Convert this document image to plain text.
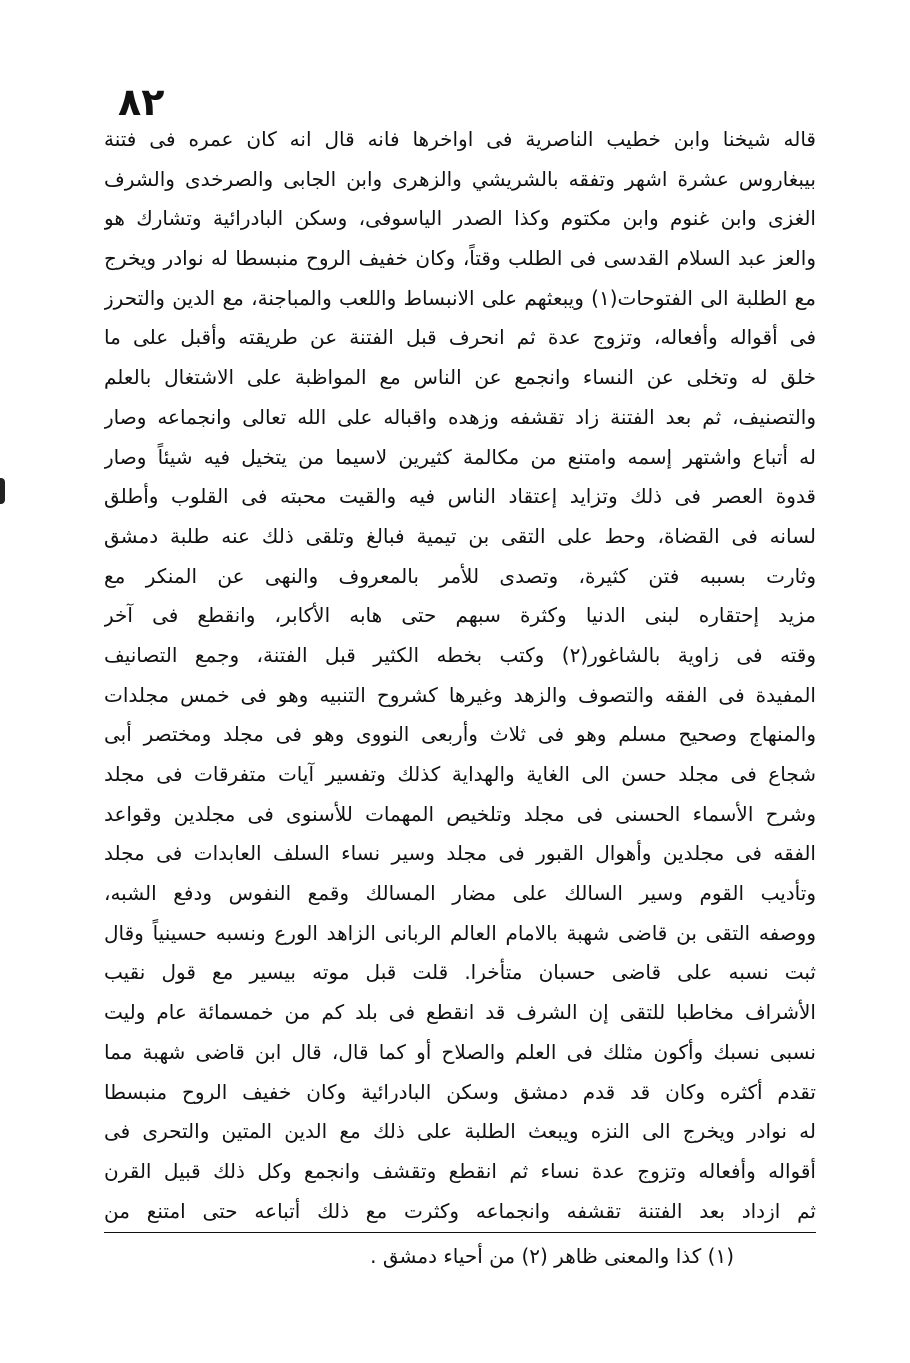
٨٢
قاله شيخنا وابن خطيب الناصرية فى اواخرها فانه قال انه كان عمره فى فتنة
بيبغاروس عشرة اشهر وتفقه بالشريشي والزهرى وابن الجابى والصرخدى والشرف
الغزى وابن غنوم وابن مكتوم وكذا الصدر الياسوفى، وسكن البادرائية وتشارك هو
والعز عبد السلام القدسى فى الطلب وقتاً، وكان خفيف الروح منبسطا له نوادر ويخرج
مع الطلبة الى الفتوحات(١) ويبعثهم على الانبساط واللعب والمباجنة، مع الدين والتحرز
فى أقواله وأفعاله، وتزوج عدة ثم انحرف قبل الفتنة عن طريقته وأقبل على ما
خلق له وتخلى عن النساء وانجمع عن الناس مع المواظبة على الاشتغال بالعلم
والتصنيف، ثم بعد الفتنة زاد تقشفه وزهده واقباله على الله تعالى وانجماعه وصار
له أتباع واشتهر إسمه وامتنع من مكالمة كثيرين لاسيما من يتخيل فيه شيئاً وصار
قدوة العصر فى ذلك وتزايد إعتقاد الناس فيه والقيت محبته فى القلوب وأطلق
لسانه فى القضاة، وحط على التقى بن تيمية فبالغ وتلقى ذلك عنه طلبة دمشق
وثارت بسببه فتن كثيرة، وتصدى للأمر بالمعروف والنهى عن المنكر مع
مزيد إحتقاره لبنى الدنيا وكثرة سبهم حتى هابه الأكابر، وانقطع فى آخر
وقته فى زاوية بالشاغور(٢) وكتب بخطه الكثير قبل الفتنة، وجمع التصانيف
المفيدة فى الفقه والتصوف والزهد وغيرها كشروح التنبيه وهو فى خمس مجلدات
والمنهاج وصحيح مسلم وهو فى ثلاث وأربعى النووى وهو فى مجلد ومختصر أبى
شجاع فى مجلد حسن الى الغاية والهداية كذلك وتفسير آيات متفرقات فى مجلد
وشرح الأسماء الحسنى فى مجلد وتلخيص المهمات للأسنوى فى مجلدين وقواعد
الفقه فى مجلدين وأهوال القبور فى مجلد وسير نساء السلف العابدات فى مجلد
وتأديب القوم وسير السالك على مضار المسالك وقمع النفوس ودفع الشبه،
ووصفه التقى بن قاضى شهبة بالامام العالم الربانى الزاهد الورع ونسبه حسينياً وقال
ثبت نسبه على قاضى حسبان متأخرا. قلت قبل موته بيسير مع قول نقيب
الأشراف مخاطبا للتقى إن الشرف قد انقطع فى بلد كم من خمسمائة عام وليت
نسبى نسبك وأكون مثلك فى العلم والصلاح أو كما قال، قال ابن قاضى شهبة مما
تقدم أكثره وكان قد قدم دمشق وسكن البادرائية وكان خفيف الروح منبسطا
له نوادر ويخرج الى النزه ويبعث الطلبة على ذلك مع الدين المتين والتحرى فى
أقواله وأفعاله وتزوج عدة نساء ثم انقطع وتقشف وانجمع وكل ذلك قبيل القرن
ثم ازداد بعد الفتنة تقشفه وانجماعه وكثرت مع ذلك أتباعه حتى امتنع من
(١) كذا والمعنى ظاهر (٢) من أحياء دمشق .
